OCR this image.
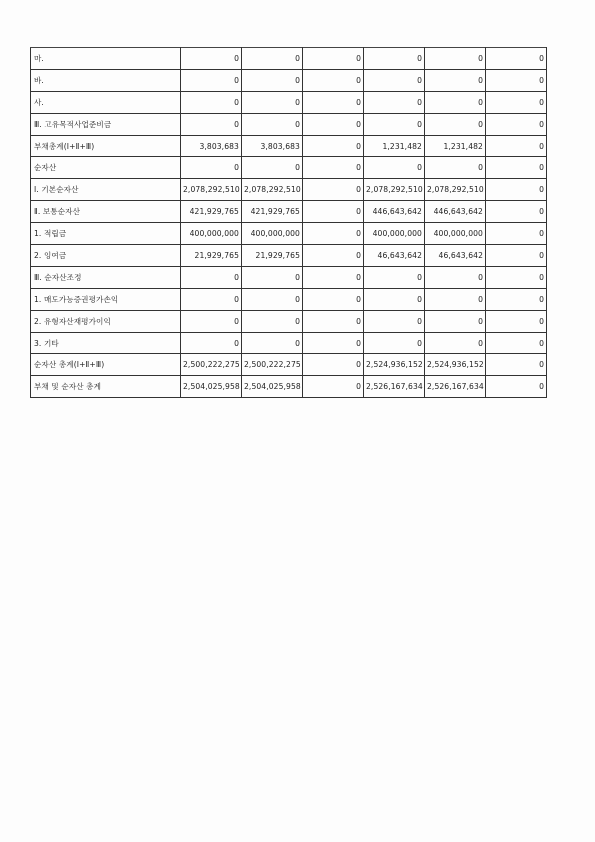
마.	0	0	0	0	0	0
바.	0	0	0	0	0	0
사.	0	0	0	0	0	0
Ⅲ. 고유목적사업준비금	0	0	0	0	0	0
부채총계(Ⅰ+Ⅱ+Ⅲ)	3,803,683	3,803,683	0	1,231,482	1,231,482	0
순자산	0	0	0	0	0	0
Ⅰ. 기본순자산	2,078,292,510	2,078,292,510	0	2,078,292,510	2,078,292,510	0
Ⅱ. 보통순자산	421,929,765	421,929,765	0	446,643,642	446,643,642	0
1. 적립금	400,000,000	400,000,000	0	400,000,000	400,000,000	0
2. 잉여금	21,929,765	21,929,765	0	46,643,642	46,643,642	0
Ⅲ. 순자산조정	0	0	0	0	0	0
1. 매도가능증권평가손익	0	0	0	0	0	0
2. 유형자산재평가이익	0	0	0	0	0	0
3. 기타	0	0	0	0	0	0
순자산 총계(Ⅰ+Ⅱ+Ⅲ)	2,500,222,275	2,500,222,275	0	2,524,936,152	2,524,936,152	0
부채 및 순자산 총계	2,504,025,958	2,504,025,958	0	2,526,167,634	2,526,167,634	0
